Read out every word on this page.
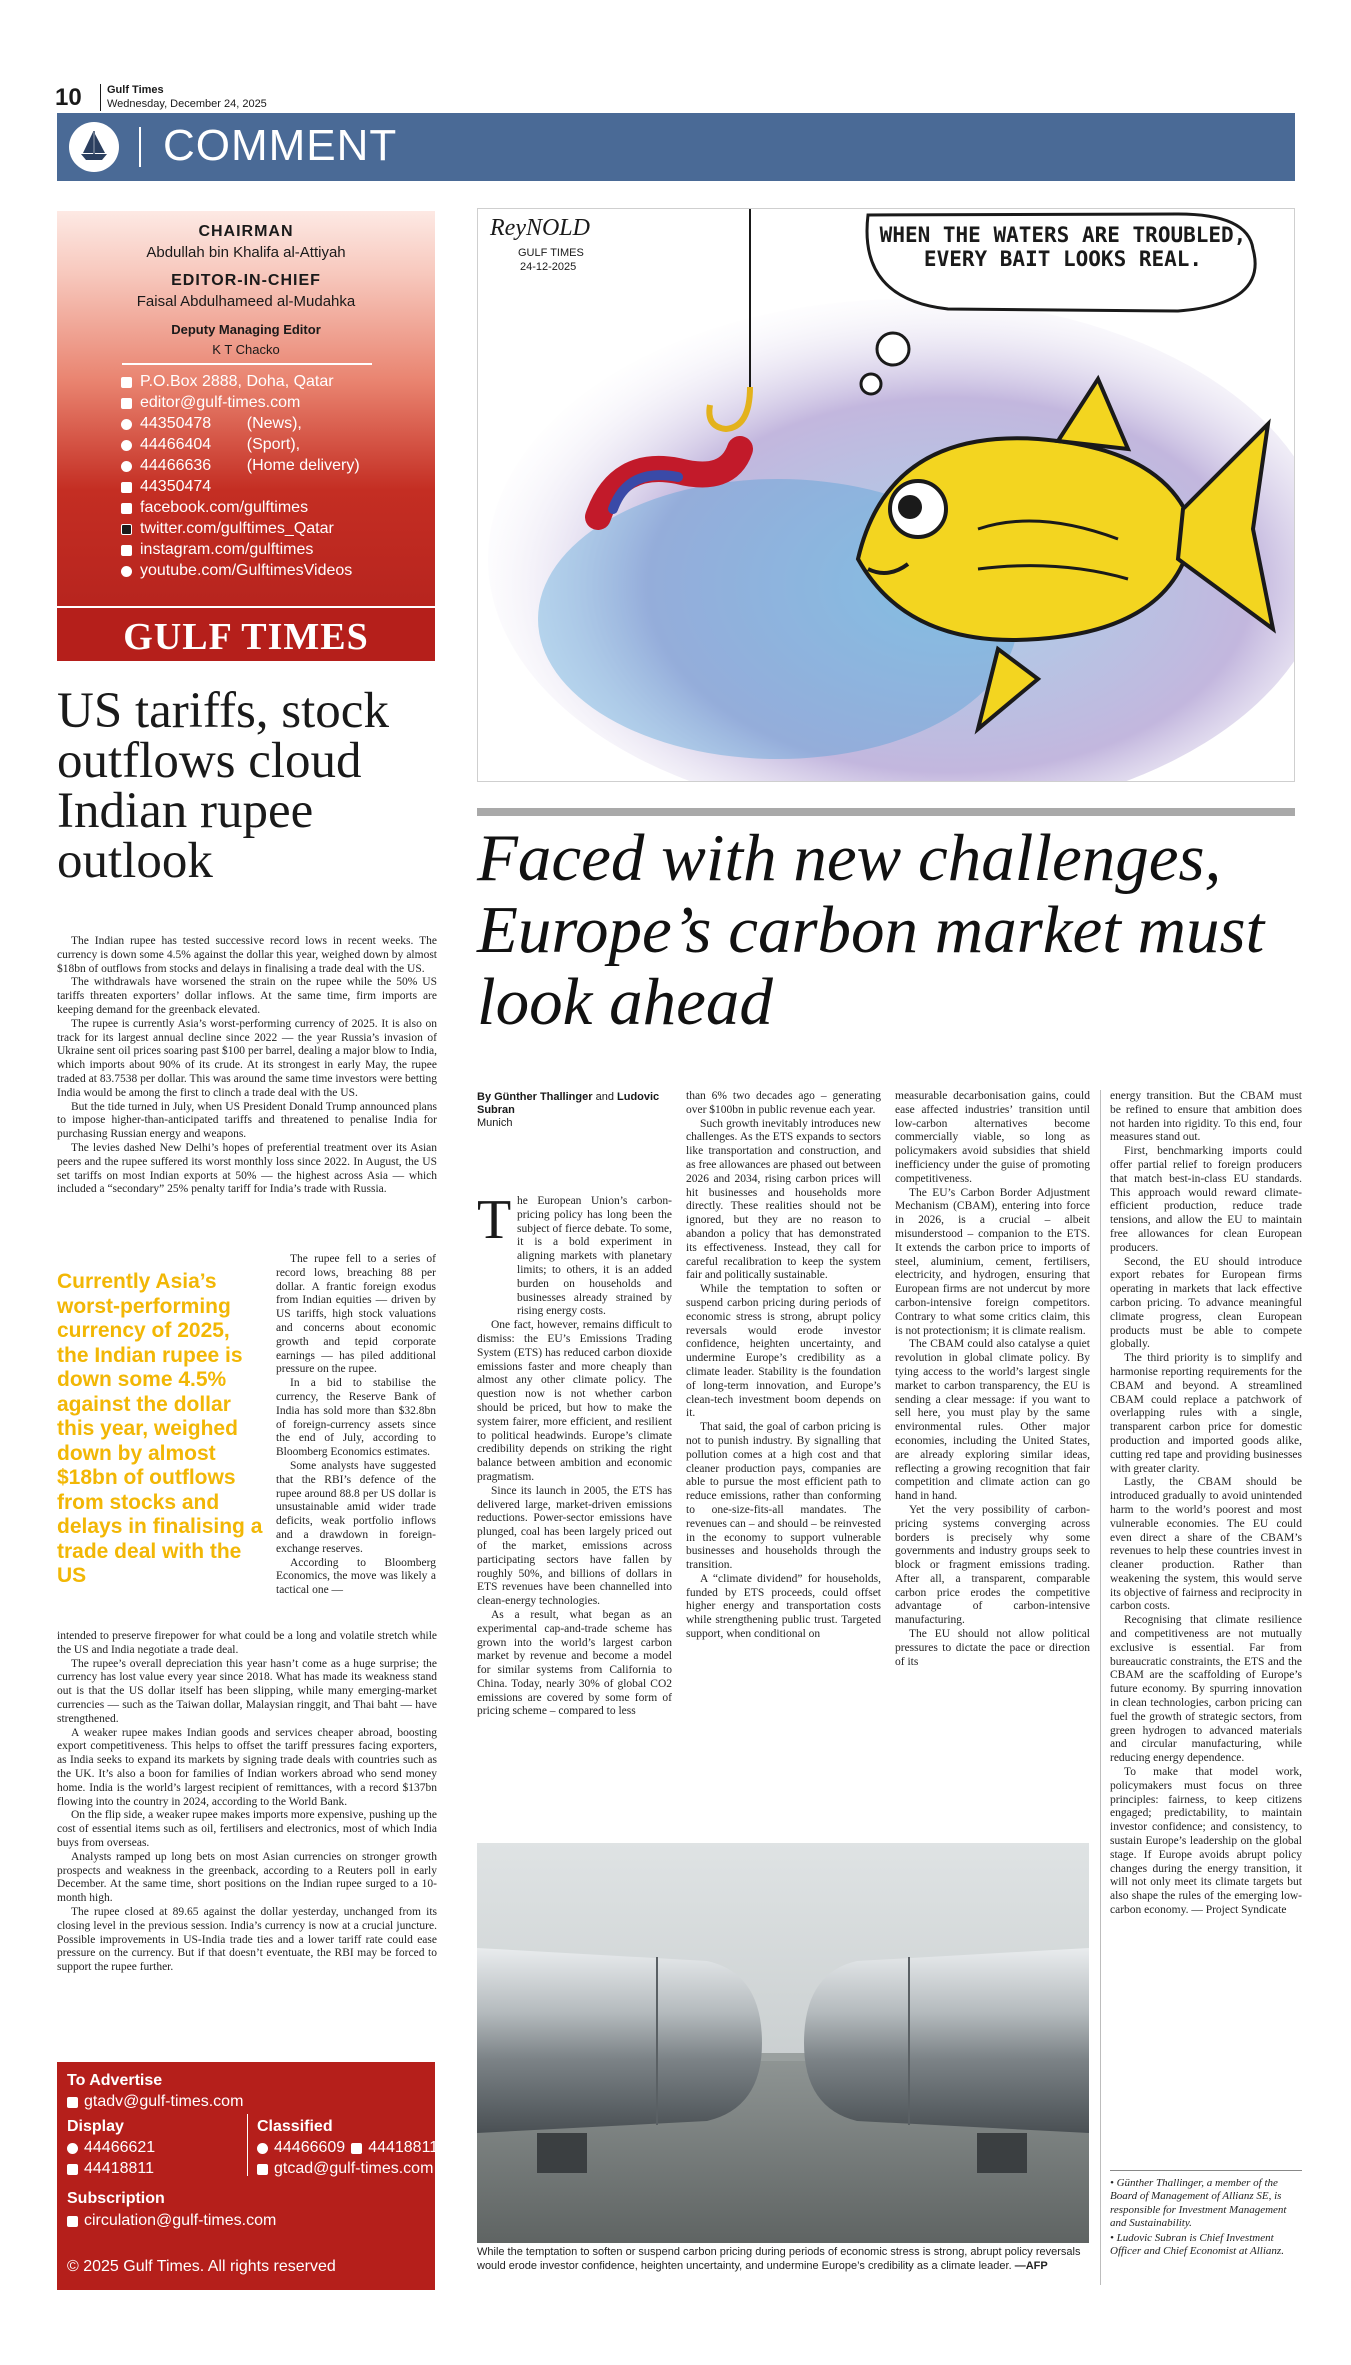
10 Gulf Times
Wednesday, December 24, 2025
COMMENT
CHAIRMAN
Abdullah bin Khalifa al-Attiyah
EDITOR-IN-CHIEF
Faisal Abdulhameed al-Mudahka
Deputy Managing Editor
K T Chacko
P.O.Box 2888, Doha, Qatar
editor@gulf-times.com
44350478        (News),
44466404        (Sport),
44466636        (Home delivery)
44350474
facebook.com/gulftimes
twitter.com/gulftimes_Qatar
instagram.com/gulftimes
youtube.com/GulftimesVideos
GULF TIMES
US tariffs, stock outflows cloud Indian rupee outlook

The Indian rupee has tested successive record lows in recent weeks. The currency is down some 4.5% against the dollar this year, weighed down by almost $18bn of outflows from stocks and delays in finalising a trade deal with the US.

The withdrawals have worsened the strain on the rupee while the 50% US tariffs threaten exporters’ dollar inflows. At the same time, firm imports are keeping demand for the greenback elevated.

The rupee is currently Asia’s worst-performing currency of 2025. It is also on track for its largest annual decline since 2022 — the year Russia’s invasion of Ukraine sent oil prices soaring past $100 per barrel, dealing a major blow to India, which imports about 90% of its crude. At its strongest in early May, the rupee traded at 83.7538 per dollar. This was around the same time investors were betting India would be among the first to clinch a trade deal with the US.

But the tide turned in July, when US President Donald Trump announced plans to impose higher-than-anticipated tariffs and threatened to penalise India for purchasing Russian energy and weapons.

The levies dashed New Delhi’s hopes of preferential treatment over its Asian peers and the rupee suffered its worst monthly loss since 2022. In August, the US set tariffs on most Indian exports at 50% — the highest across Asia — which included a “secondary” 25% penalty tariff for India’s trade with Russia.

Currently Asia’s worst-performing currency of 2025, the Indian rupee is down some 4.5% against the dollar this year, weighed down by almost $18bn of outflows from stocks and delays in finalising a trade deal with the US

The rupee fell to a series of record lows, breaching 88 per dollar. A frantic foreign exodus from Indian equities — driven by US tariffs, high stock valuations and concerns about economic growth and tepid corporate earnings — has piled additional pressure on the rupee.

In a bid to stabilise the currency, the Reserve Bank of India has sold more than $32.8bn of foreign-currency assets since the end of July, according to Bloomberg Economics estimates.

Some analysts have suggested that the RBI’s defence of the rupee around 88.8 per US dollar is unsustainable amid wider trade deficits, weak portfolio inflows and a drawdown in foreign-exchange reserves.

According to Bloomberg Economics, the move was likely a tactical one —

intended to preserve firepower for what could be a long and volatile stretch while the US and India negotiate a trade deal.

The rupee’s overall depreciation this year hasn’t come as a huge surprise; the currency has lost value every year since 2018. What has made its weakness stand out is that the US dollar itself has been slipping, while many emerging-market currencies — such as the Taiwan dollar, Malaysian ringgit, and Thai baht — have strengthened.

A weaker rupee makes Indian goods and services cheaper abroad, boosting export competitiveness. This helps to offset the tariff pressures facing exporters, as India seeks to expand its markets by signing trade deals with countries such as the UK. It’s also a boon for families of Indian workers abroad who send money home. India is the world’s largest recipient of remittances, with a record $137bn flowing into the country in 2024, according to the World Bank.

On the flip side, a weaker rupee makes imports more expensive, pushing up the cost of essential items such as oil, fertilisers and electronics, most of which India buys from overseas.

Analysts ramped up long bets on most Asian currencies on stronger growth prospects and weakness in the greenback, according to a Reuters poll in early December. At the same time, short positions on the Indian rupee surged to a 10-month high.

The rupee closed at 89.65 against the dollar yesterday, unchanged from its closing level in the previous session. India’s currency is now at a crucial juncture. Possible improvements in US-India trade ties and a lower tariff rate could ease pressure on the currency. But if that doesn’t eventuate, the RBI may be forced to support the rupee further.

To Advertise
gtadv@gulf-times.com
Display
44466621
44418811
Classified
44466609 44418811
gtcad@gulf-times.com
Subscription
circulation@gulf-times.com
© 2025 Gulf Times. All rights reserved
WHEN THE WATERS ARE TROUBLED, EVERY BAIT LOOKS REAL.
ReyNOLD
GULF TIMES
24-12-2025
Faced with new challenges, Europe’s carbon market must look ahead
By Günther Thallinger and Ludovic Subran
Munich
T he European Union’s carbon-pricing policy has long been the subject of fierce debate. To some, it is a bold experiment in aligning markets with planetary limits; to others, it is an added burden on households and businesses already strained by rising energy costs.

One fact, however, remains difficult to dismiss: the EU’s Emissions Trading System (ETS) has reduced carbon dioxide emissions faster and more cheaply than almost any other climate policy. The question now is not whether carbon should be priced, but how to make the system fairer, more efficient, and resilient to political headwinds. Europe’s climate credibility depends on striking the right balance between ambition and economic pragmatism.

Since its launch in 2005, the ETS has delivered large, market-driven emissions reductions. Power-sector emissions have plunged, coal has been largely priced out of the market, emissions across participating sectors have fallen by roughly 50%, and billions of dollars in ETS revenues have been channelled into clean-energy technologies.

As a result, what began as an experimental cap-and-trade scheme has grown into the world’s largest carbon market by revenue and become a model for similar systems from California to China. Today, nearly 30% of global CO2 emissions are covered by some form of pricing scheme – compared to less

than 6% two decades ago – generating over $100bn in public revenue each year.

Such growth inevitably introduces new challenges. As the ETS expands to sectors like transportation and construction, and as free allowances are phased out between 2026 and 2034, rising carbon prices will hit businesses and households more directly. These realities should not be ignored, but they are no reason to abandon a policy that has demonstrated its effectiveness. Instead, they call for careful recalibration to keep the system fair and politically sustainable.

While the temptation to soften or suspend carbon pricing during periods of economic stress is strong, abrupt policy reversals would erode investor confidence, heighten uncertainty, and undermine Europe’s credibility as a climate leader. Stability is the foundation of long-term innovation, and Europe’s clean-tech investment boom depends on it.

That said, the goal of carbon pricing is not to punish industry. By signalling that pollution comes at a high cost and that cleaner production pays, companies are able to pursue the most efficient path to reduce emissions, rather than conforming to one-size-fits-all mandates. The revenues can – and should – be reinvested in the economy to support vulnerable businesses and households through the transition.

A “climate dividend” for households, funded by ETS proceeds, could offset higher energy and transportation costs while strengthening public trust. Targeted support, when conditional on

measurable decarbonisation gains, could ease affected industries’ transition until low-carbon alternatives become commercially viable, so long as policymakers avoid subsidies that shield inefficiency under the guise of promoting competitiveness.

The EU’s Carbon Border Adjustment Mechanism (CBAM), entering into force in 2026, is a crucial – albeit misunderstood – companion to the ETS. It extends the carbon price to imports of steel, aluminium, cement, fertilisers, electricity, and hydrogen, ensuring that European firms are not undercut by more carbon-intensive foreign competitors. Contrary to what some critics claim, this is not protectionism; it is climate realism.

The CBAM could also catalyse a quiet revolution in global climate policy. By tying access to the world’s largest single market to carbon transparency, the EU is sending a clear message: if you want to sell here, you must play by the same environmental rules. Other major economies, including the United States, are already exploring similar ideas, reflecting a growing recognition that fair competition and climate action can go hand in hand.

Yet the very possibility of carbon-pricing systems converging across borders is precisely why some governments and industry groups seek to block or fragment emissions trading. After all, a transparent, comparable carbon price erodes the competitive advantage of carbon-intensive manufacturing.

The EU should not allow political pressures to dictate the pace or direction of its

energy transition. But the CBAM must be refined to ensure that ambition does not harden into rigidity. To this end, four measures stand out.

First, benchmarking imports could offer partial relief to foreign producers that match best-in-class EU standards. This approach would reward climate-efficient production, reduce trade tensions, and allow the EU to maintain free allowances for clean European producers.

Second, the EU should introduce export rebates for European firms operating in markets that lack effective carbon pricing. To advance meaningful climate progress, clean European products must be able to compete globally.

The third priority is to simplify and harmonise reporting requirements for the CBAM and beyond. A streamlined CBAM could replace a patchwork of overlapping rules with a single, transparent carbon price for domestic production and imported goods alike, cutting red tape and providing businesses with greater clarity.

Lastly, the CBAM should be introduced gradually to avoid unintended harm to the world’s poorest and most vulnerable economies. The EU could even direct a share of the CBAM’s revenues to help these countries invest in cleaner production. Rather than weakening the system, this would serve its objective of fairness and reciprocity in carbon costs.

Recognising that climate resilience and competitiveness are not mutually exclusive is essential. Far from bureaucratic constraints, the ETS and the CBAM are the scaffolding of Europe’s future economy. By spurring innovation in clean technologies, carbon pricing can fuel the growth of strategic sectors, from green hydrogen to advanced materials and circular manufacturing, while reducing energy dependence.

To make that model work, policymakers must focus on three principles: fairness, to keep citizens engaged; predictability, to maintain investor confidence; and consistency, to sustain Europe’s leadership on the global stage. If Europe avoids abrupt policy changes during the energy transition, it will not only meet its climate targets but also shape the rules of the emerging low-carbon economy. — Project Syndicate

While the temptation to soften or suspend carbon pricing during periods of economic stress is strong, abrupt policy reversals would erode investor confidence, heighten uncertainty, and undermine Europe’s credibility as a climate leader. —AFP

• Günther Thallinger, a member of the Board of Management of Allianz SE, is responsible for Investment Management and Sustainability.

• Ludovic Subran is Chief Investment Officer and Chief Economist at Allianz.
